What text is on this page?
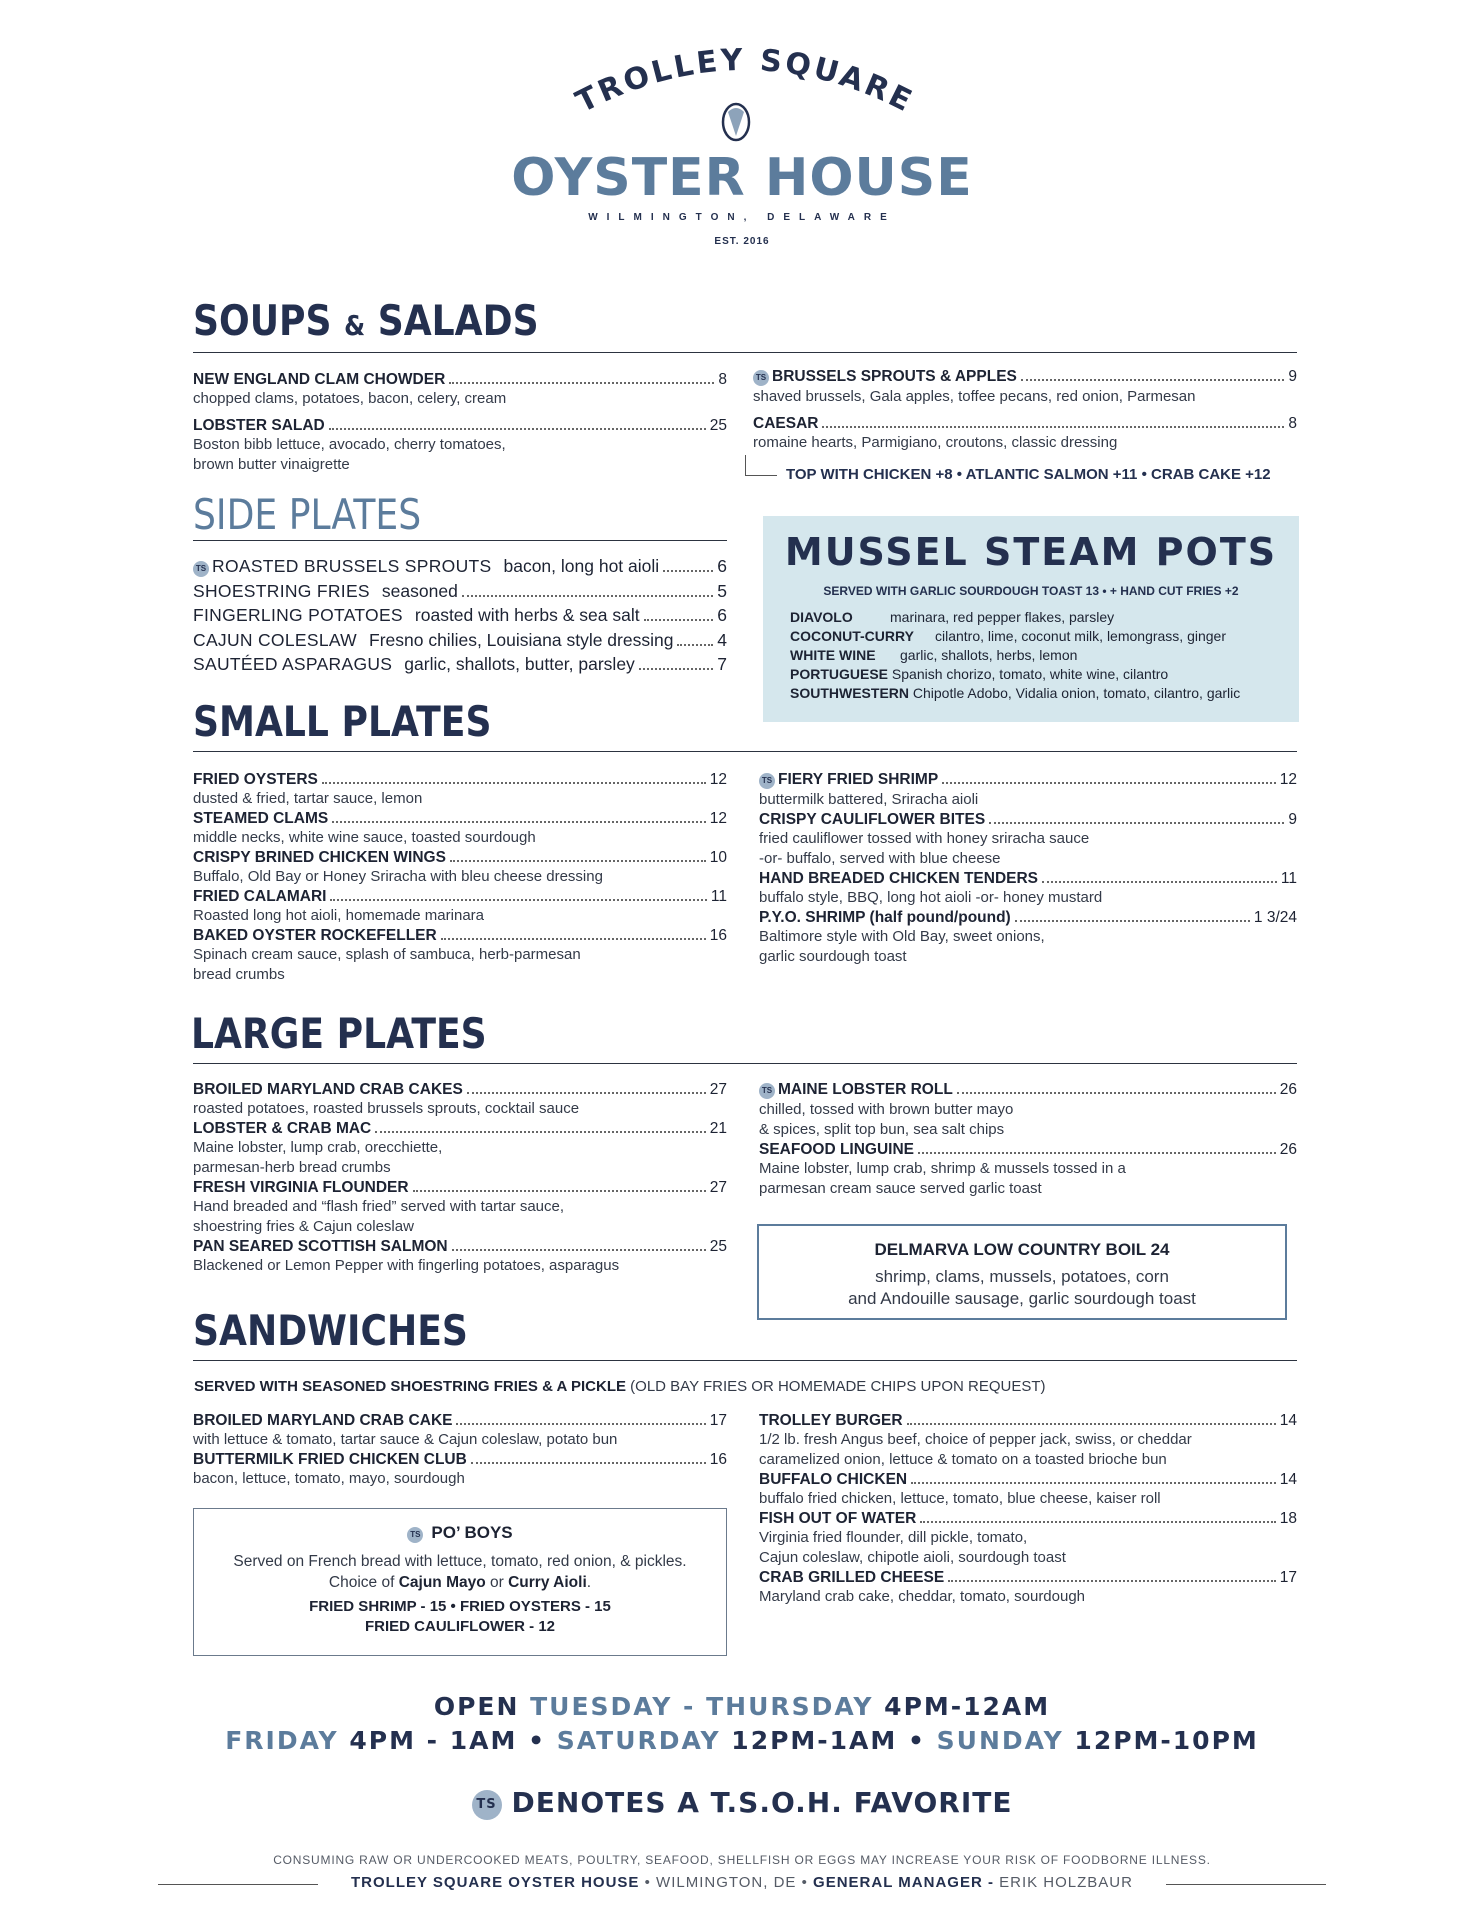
TROLLEY SQUARE
OYSTER HOUSE
WILMINGTON, DELAWARE
EST. 2016
SOUPS & SALADS
NEW ENGLAND CLAM CHOWDER	8
chopped clams, potatoes, bacon, celery, cream
LOBSTER SALAD	25
Boston bibb lettuce, avocado, cherry tomatoes,
brown butter vinaigrette
TS BRUSSELS SPROUTS & APPLES	9
shaved brussels, Gala apples, toffee pecans, red onion, Parmesan
CAESAR	8
romaine hearts, Parmigiano, croutons, classic dressing
TOP WITH CHICKEN +8 • ATLANTIC SALMON +11 • CRAB CAKE +12
SIDE PLATES
TS ROASTED BRUSSELS SPROUTS bacon, long hot aioli	6
SHOESTRING FRIES seasoned	5
FINGERLING POTATOES roasted with herbs & sea salt	6
CAJUN COLESLAW Fresno chilies, Louisiana style dressing	4
SAUTÉED ASPARAGUS garlic, shallots, butter, parsley	7
MUSSEL STEAM POTS
SERVED WITH GARLIC SOURDOUGH TOAST 13 • + HAND CUT FRIES +2
DIAVOLO	marinara, red pepper flakes, parsley
COCONUT-CURRY cilantro, lime, coconut milk, lemongrass, ginger
WHITE WINE garlic, shallots, herbs, lemon
PORTUGUESE Spanish chorizo, tomato, white wine, cilantro
SOUTHWESTERN Chipotle Adobo, Vidalia onion, tomato, cilantro, garlic
SMALL PLATES
FRIED OYSTERS	12
dusted & fried, tartar sauce, lemon
STEAMED CLAMS	12
middle necks, white wine sauce, toasted sourdough
CRISPY BRINED CHICKEN WINGS	10
Buffalo, Old Bay or Honey Sriracha with bleu cheese dressing
FRIED CALAMARI	11
Roasted long hot aioli, homemade marinara
BAKED OYSTER ROCKEFELLER	16
Spinach cream sauce, splash of sambuca, herb-parmesan
bread crumbs
TS FIERY FRIED SHRIMP	12
buttermilk battered, Sriracha aioli
CRISPY CAULIFLOWER BITES	9
fried cauliflower tossed with honey sriracha sauce
-or- buffalo, served with blue cheese
HAND BREADED CHICKEN TENDERS	11
buffalo style, BBQ, long hot aioli -or- honey mustard
P.Y.O. SHRIMP (half pound/pound)	1 3/24
Baltimore style with Old Bay, sweet onions,
garlic sourdough toast
LARGE PLATES
BROILED MARYLAND CRAB CAKES	27
roasted potatoes, roasted brussels sprouts, cocktail sauce
LOBSTER & CRAB MAC	21
Maine lobster, lump crab, orecchiette,
parmesan-herb bread crumbs
FRESH VIRGINIA FLOUNDER	27
Hand breaded and “flash fried” served with tartar sauce,
shoestring fries & Cajun coleslaw
PAN SEARED SCOTTISH SALMON	25
Blackened or Lemon Pepper with fingerling potatoes, asparagus
TS MAINE LOBSTER ROLL	26
chilled, tossed with brown butter mayo
& spices, split top bun, sea salt chips
SEAFOOD LINGUINE	26
Maine lobster, lump crab, shrimp & mussels tossed in a
parmesan cream sauce served garlic toast
DELMARVA LOW COUNTRY BOIL 24
shrimp, clams, mussels, potatoes, corn
and Andouille sausage, garlic sourdough toast
SANDWICHES
SERVED WITH SEASONED SHOESTRING FRIES & A PICKLE (OLD BAY FRIES OR HOMEMADE CHIPS UPON REQUEST)
BROILED MARYLAND CRAB CAKE	17
with lettuce & tomato, tartar sauce & Cajun coleslaw, potato bun
BUTTERMILK FRIED CHICKEN CLUB	16
bacon, lettuce, tomato, mayo, sourdough
TS PO’ BOYS
Served on French bread with lettuce, tomato, red onion, & pickles.
Choice of Cajun Mayo or Curry Aioli.
FRIED SHRIMP - 15 • FRIED OYSTERS - 15
FRIED CAULIFLOWER - 12
TROLLEY BURGER	14
1/2 lb. fresh Angus beef, choice of pepper jack, swiss, or cheddar
caramelized onion, lettuce & tomato on a toasted brioche bun
BUFFALO CHICKEN	14
buffalo fried chicken, lettuce, tomato, blue cheese, kaiser roll
FISH OUT OF WATER	18
Virginia fried flounder, dill pickle, tomato,
Cajun coleslaw, chipotle aioli, sourdough toast
CRAB GRILLED CHEESE	17
Maryland crab cake, cheddar, tomato, sourdough
OPEN TUESDAY - THURSDAY 4PM-12AM
FRIDAY 4PM - 1AM • SATURDAY 12PM-1AM • SUNDAY 12PM-10PM
TS DENOTES A T.S.O.H. FAVORITE
CONSUMING RAW OR UNDERCOOKED MEATS, POULTRY, SEAFOOD, SHELLFISH OR EGGS MAY INCREASE YOUR RISK OF FOODBORNE ILLNESS.
TROLLEY SQUARE OYSTER HOUSE • WILMINGTON, DE • GENERAL MANAGER - ERIK HOLZBAUR
